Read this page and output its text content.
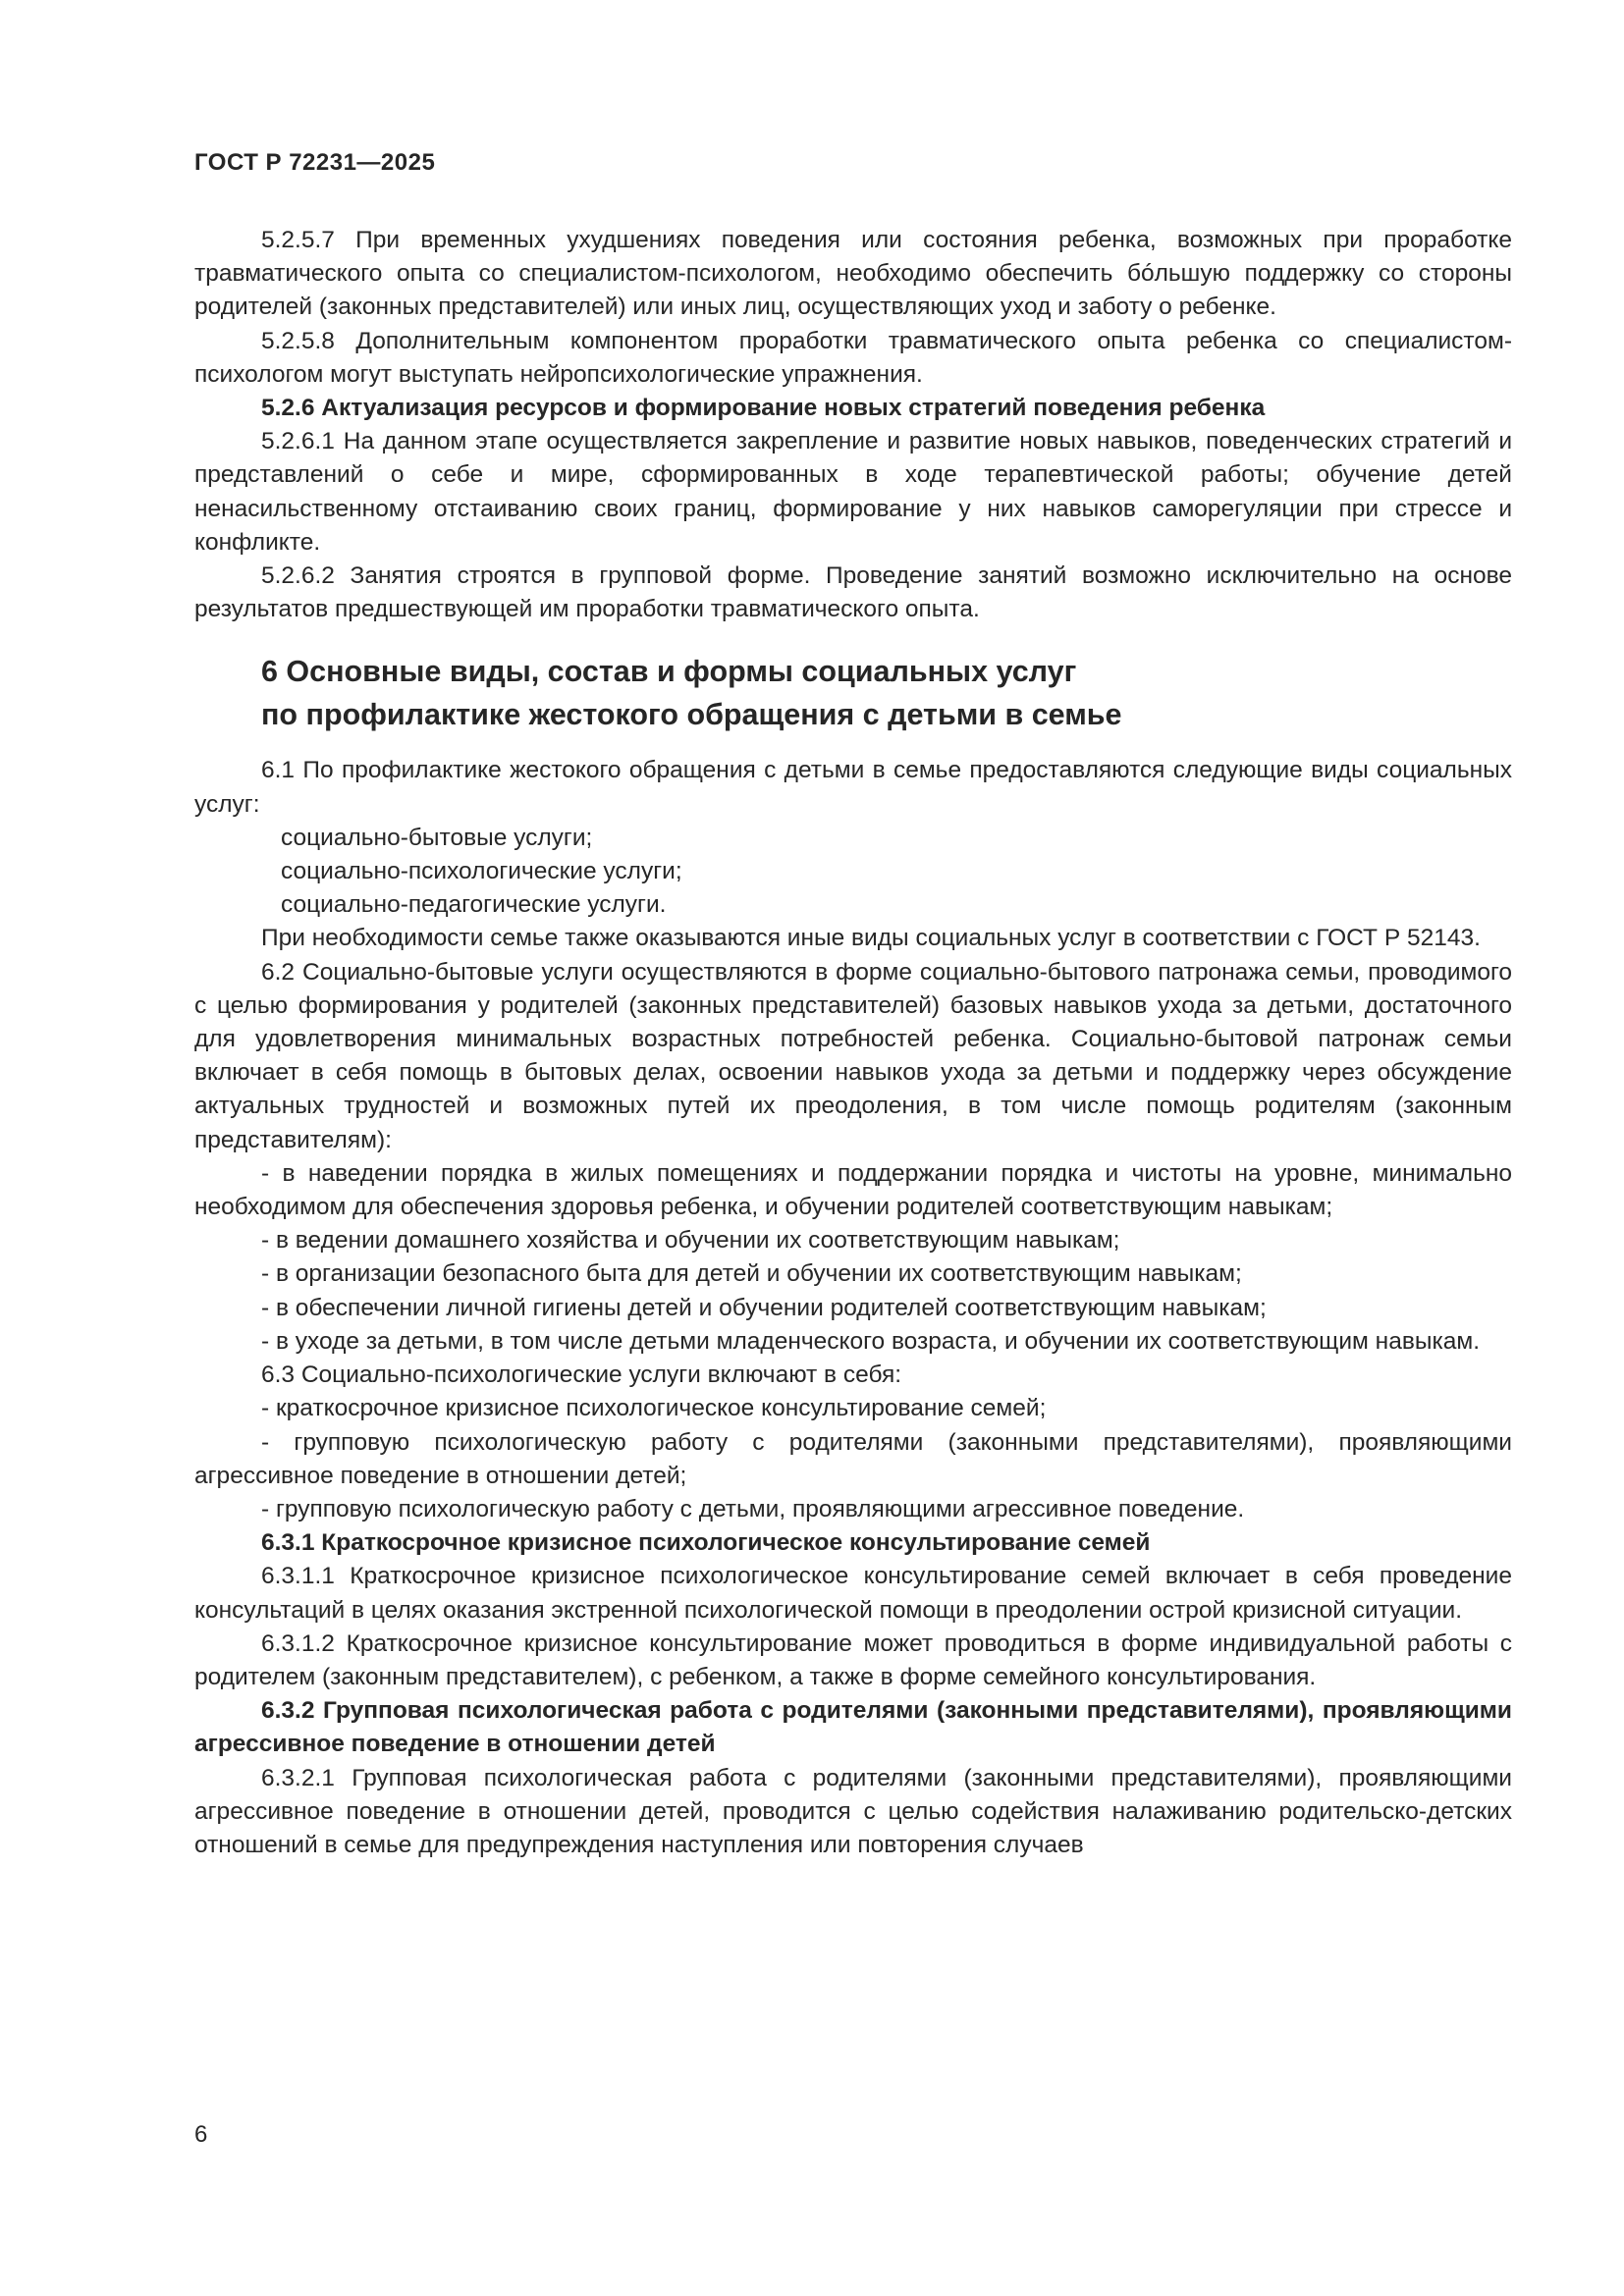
ГОСТ Р 72231—2025

5.2.5.7 При временных ухудшениях поведения или состояния ребенка, возможных при проработке травматического опыта со специалистом-психологом, необходимо обеспечить бóльшую поддержку со стороны родителей (законных представителей) или иных лиц, осуществляющих уход и заботу о ребенке.

5.2.5.8 Дополнительным компонентом проработки травматического опыта ребенка со специалистом-психологом могут выступать нейропсихологические упражнения.

5.2.6 Актуализация ресурсов и формирование новых стратегий поведения ребенка

5.2.6.1 На данном этапе осуществляется закрепление и развитие новых навыков, поведенческих стратегий и представлений о себе и мире, сформированных в ходе терапевтической работы; обучение детей ненасильственному отстаиванию своих границ, формирование у них навыков саморегуляции при стрессе и конфликте.

5.2.6.2 Занятия строятся в групповой форме. Проведение занятий возможно исключительно на основе результатов предшествующей им проработки травматического опыта.

6 Основные виды, состав и формы социальных услуг

по профилактике жестокого обращения с детьми в семье

6.1 По профилактике жестокого обращения с детьми в семье предоставляются следующие виды социальных услуг:

социально-бытовые услуги;

социально-психологические услуги;

социально-педагогические услуги.

При необходимости семье также оказываются иные виды социальных услуг в соответствии с ГОСТ Р 52143.

6.2 Социально-бытовые услуги осуществляются в форме социально-бытового патронажа семьи, проводимого с целью формирования у родителей (законных представителей) базовых навыков ухода за детьми, достаточного для удовлетворения минимальных возрастных потребностей ребенка. Социально-бытовой патронаж семьи включает в себя помощь в бытовых делах, освоении навыков ухода за детьми и поддержку через обсуждение актуальных трудностей и возможных путей их преодоления, в том числе помощь родителям (законным представителям):

- в наведении порядка в жилых помещениях и поддержании порядка и чистоты на уровне, минимально необходимом для обеспечения здоровья ребенка, и обучении родителей соответствующим навыкам;

- в ведении домашнего хозяйства и обучении их соответствующим навыкам;

- в организации безопасного быта для детей и обучении их соответствующим навыкам;

- в обеспечении личной гигиены детей и обучении родителей соответствующим навыкам;

- в уходе за детьми, в том числе детьми младенческого возраста, и обучении их соответствующим навыкам.

6.3 Социально-психологические услуги включают в себя:

- краткосрочное кризисное психологическое консультирование семей;

- групповую психологическую работу с родителями (законными представителями), проявляющими агрессивное поведение в отношении детей;

- групповую психологическую работу с детьми, проявляющими агрессивное поведение.

6.3.1 Краткосрочное кризисное психологическое консультирование семей

6.3.1.1 Краткосрочное кризисное психологическое консультирование семей включает в себя проведение консультаций в целях оказания экстренной психологической помощи в преодолении острой кризисной ситуации.

6.3.1.2 Краткосрочное кризисное консультирование может проводиться в форме индивидуальной работы с родителем (законным представителем), с ребенком, а также в форме семейного консультирования.

6.3.2 Групповая психологическая работа с родителями (законными представителями), проявляющими агрессивное поведение в отношении детей

6.3.2.1 Групповая психологическая работа с родителями (законными представителями), проявляющими агрессивное поведение в отношении детей, проводится с целью содействия налаживанию родительско-детских отношений в семье для предупреждения наступления или повторения случаев

6
